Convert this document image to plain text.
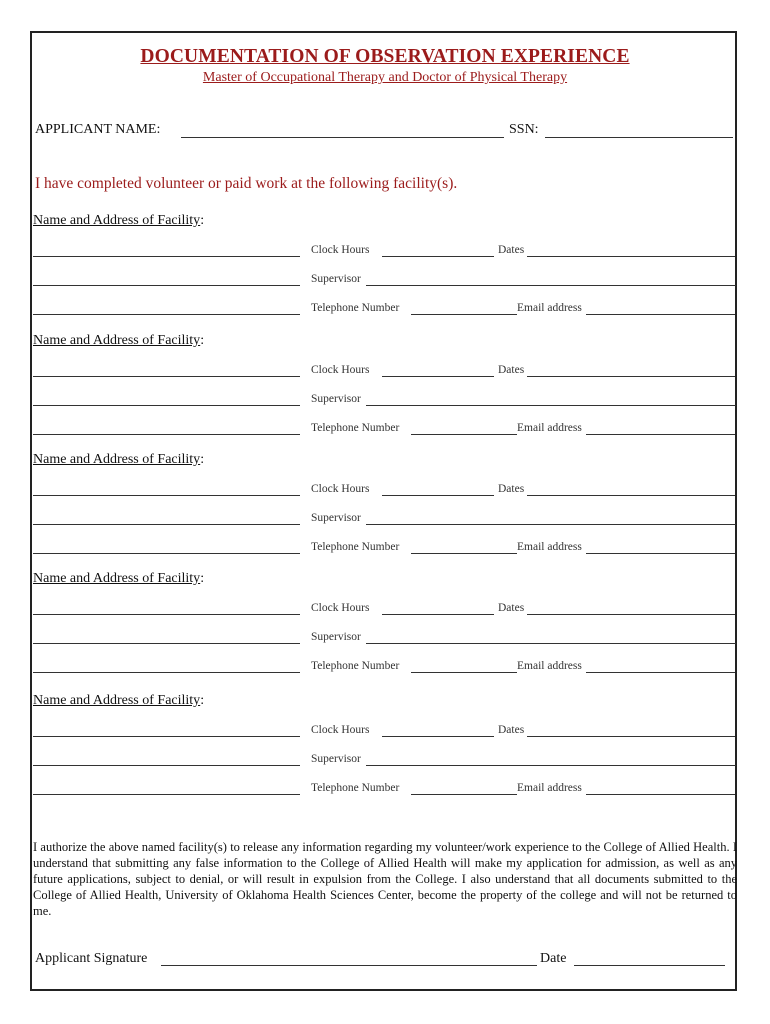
DOCUMENTATION OF OBSERVATION EXPERIENCE
Master of Occupational Therapy and Doctor of Physical Therapy
APPLICANT NAME:	SSN:
I have completed volunteer or paid work at the following facility(s).
Name and Address of Facility:
Clock Hours	Dates
Supervisor
Telephone Number	Email address
Name and Address of Facility:
Clock Hours	Dates
Supervisor
Telephone Number	Email address
Name and Address of Facility:
Clock Hours	Dates
Supervisor
Telephone Number	Email address
Name and Address of Facility:
Clock Hours	Dates
Supervisor
Telephone Number	Email address
Name and Address of Facility:
Clock Hours	Dates
Supervisor
Telephone Number	Email address
I authorize the above named facility(s) to release any information regarding my volunteer/work experience to the College of Allied Health. I understand that submitting any false information to the College of Allied Health will make my application for admission, as well as any future applications, subject to denial, or will result in expulsion from the College. I also understand that all documents submitted to the College of Allied Health, University of Oklahoma Health Sciences Center, become the property of the college and will not be returned to me.
Applicant Signature	Date
